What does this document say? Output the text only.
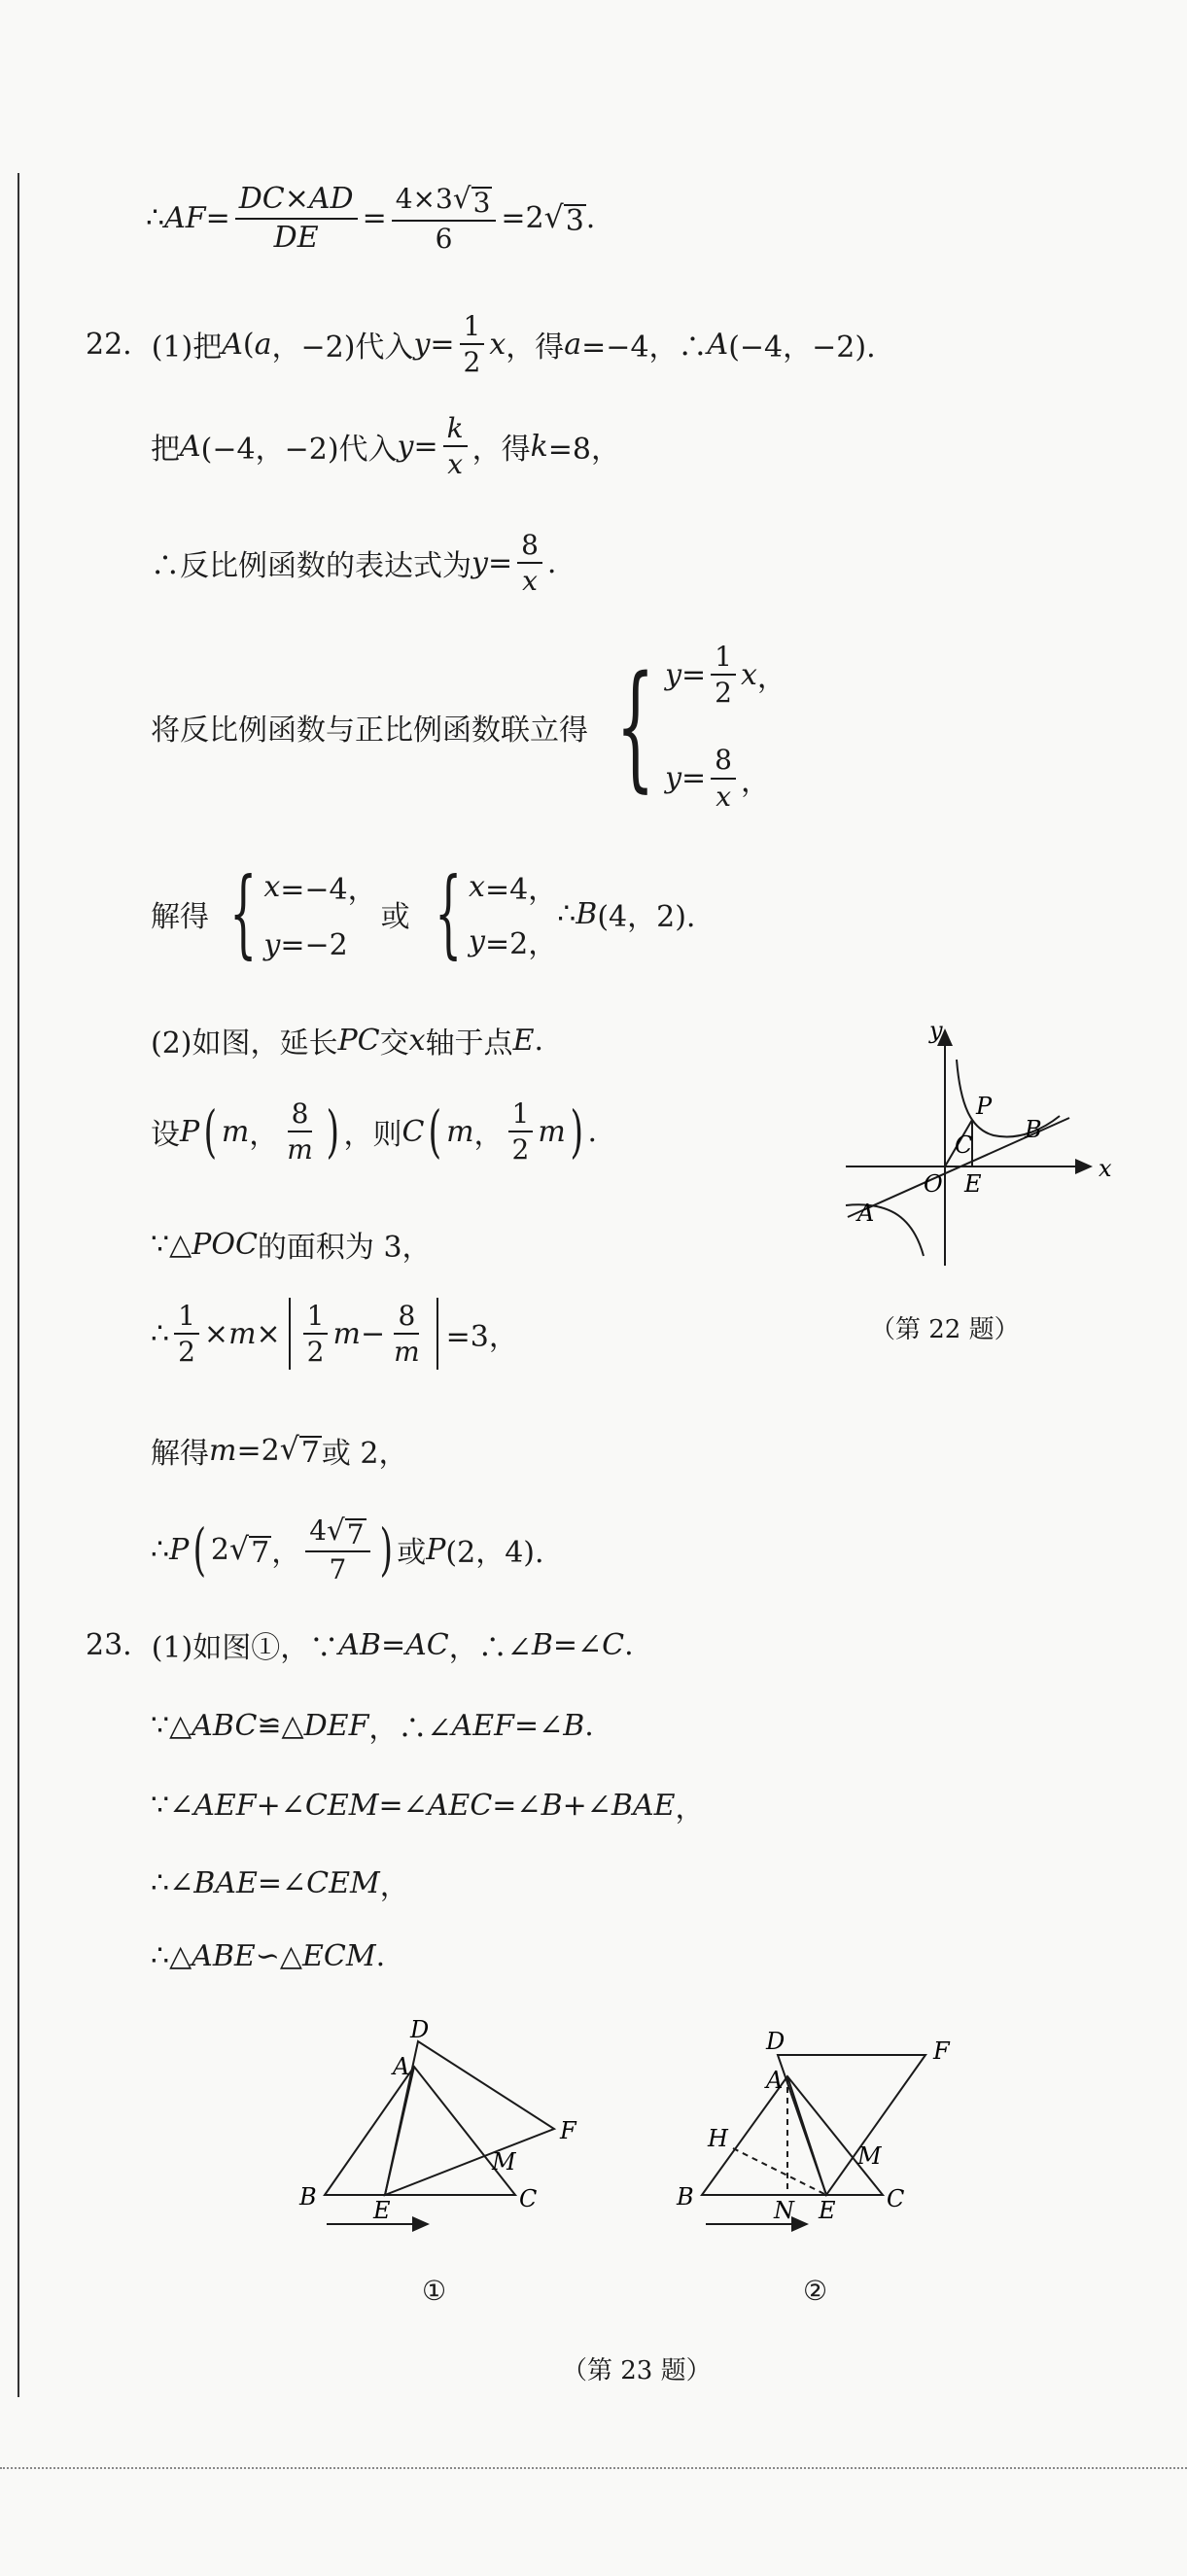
∴ AF = $\frac{DC\times AD}{DE} = \frac{4\times 3 √ 3}{6} =2$ √ 3 .
22. (1)把 A ( a ，−2)代入 $y = \frac{1}{2}$ x ，得 a =−4，∴ A (−4，−2).
把 A (−4，−2)代入 $y = \frac{k}{x}$ ，得 k =8，
∴反比例函数的表达式为 $y = \frac{8}{x}$ .
将反比例函数与正比例函数联立得 { $y = \frac{1}{2}$ x ，
$y = \frac{8}{x}$ ，
解得 { x =−4，
y =−2
或 { x =4，
y =2，
∴ B (4，2).
(2)如图，延长 PC 交 x 轴于点 E .
设 P ( m ， $\frac{8}{m}$ ) ，则 C ( m ， $\frac{1}{2}$ m ) .
∵△ POC 的面积为 3，
∴ $\frac{1}{2} \times m \times \frac{1}{2}$ $m - \frac{8}{m} =3$，
解得 m =2 √ 7 或 2，
∴ P ( 2 √ 7 ， $\frac{4 √ 7}{7}$ ) 或 P (2，4).
y
x
O
P
C
B
E
A
（第 22 题）
23. (1)如图①，∵ AB = AC ，∴∠ B =∠ C .
∵△ ABC ≌△ DEF ，∴∠ AEF =∠ B .
∵∠ AEF +∠ CEM =∠ AEC =∠ B +∠ BAE ，
∴∠ BAE =∠ CEM ，
∴△ ABE ∽△ ECM .
D
A
F
M
B	C
E
①
D	F
A
H
M
B	C
N E
②
（第 23 题）
